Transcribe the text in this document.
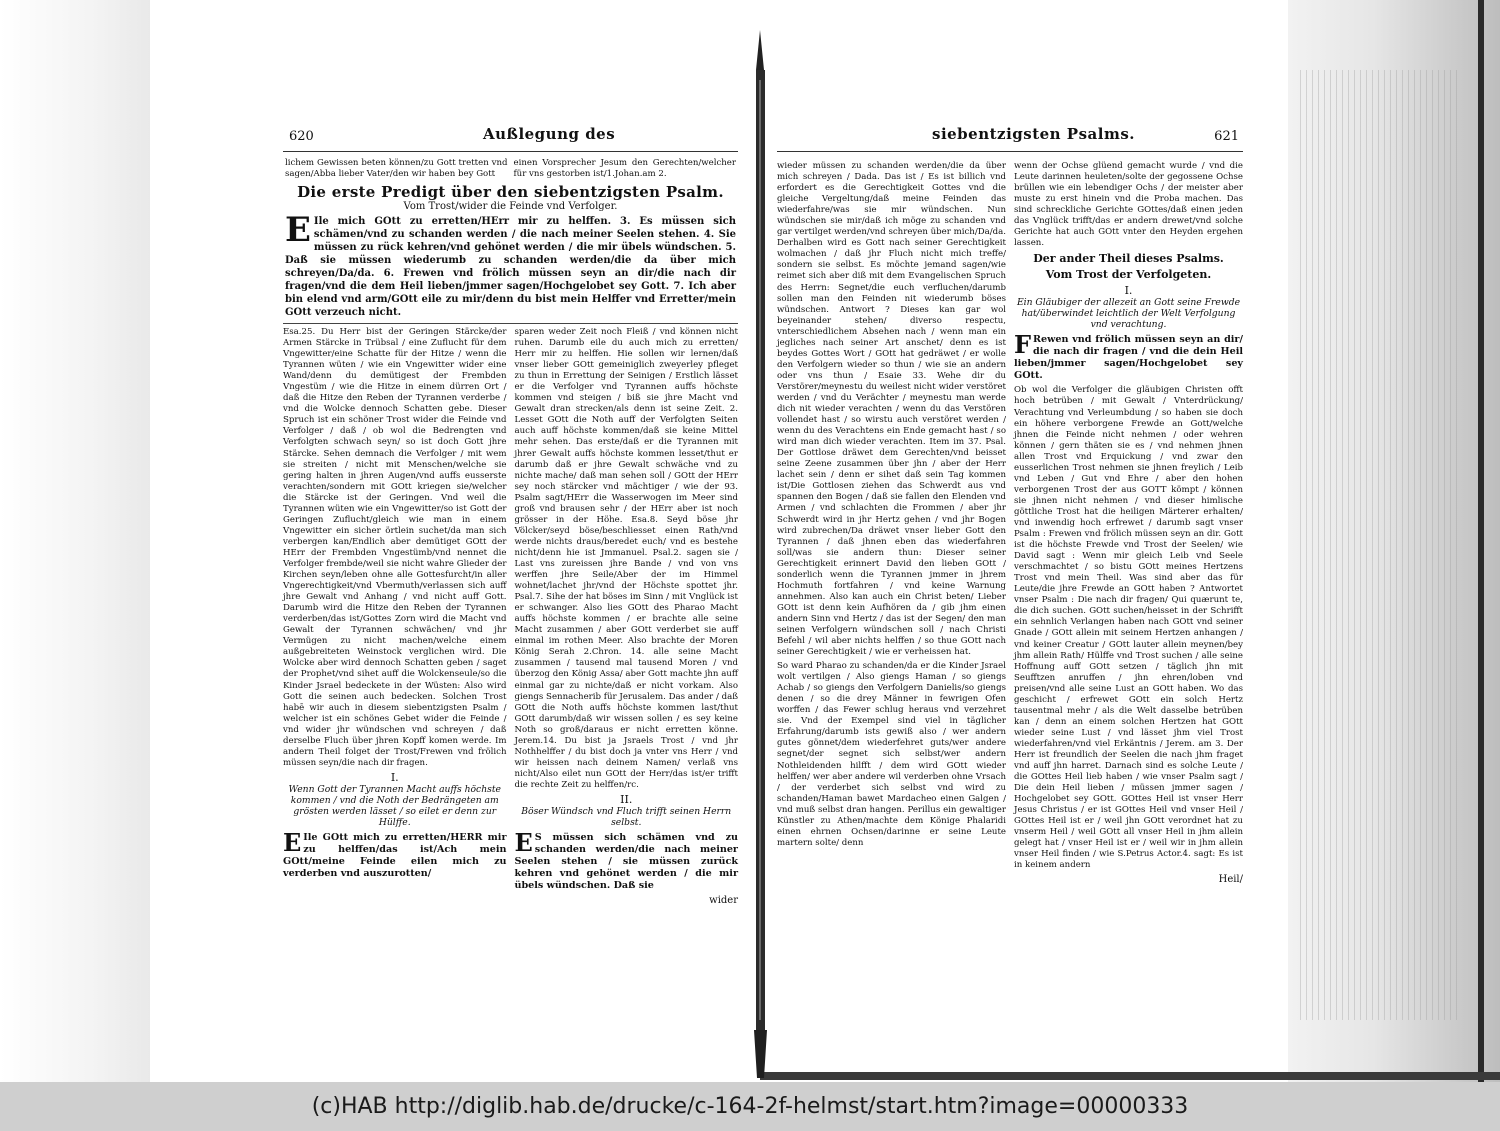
620	Außlegung des
lichem Gewissen beten können/zu Gott tretten vnd sagen/Abba lieber Vater/den wir haben bey Gott
einen Vorsprecher Jesum den Gerechten/welcher für vns gestorben ist/1.Johan.am 2.
Die erste Predigt über den siebentzigsten Psalm.
Vom Trost/wider die Feinde vnd Verfolger.
E Ile mich GOtt zu erretten/HErr mir zu helffen. 3. Es müssen sich schämen/vnd zu schanden werden / die nach meiner Seelen stehen. 4. Sie müssen zu rück kehren/vnd gehönet werden / die mir übels wündschen. 5. Daß sie müssen wiederumb zu schanden werden/die da über mich schreyen/Da/da. 6. Frewen vnd frölich müssen seyn an dir/die nach dir fragen/vnd die dem Heil lieben/jmmer sagen/Hochgelobet sey Gott. 7. Ich aber bin elend vnd arm/GOtt eile zu mir/denn du bist mein Helffer vnd Erretter/mein GOtt verzeuch nicht.

Esa.25. Du Herr bist der Geringen Stärcke/der Armen Stärcke in Trübsal / eine Zuflucht für dem Vngewitter/eine Schatte für der Hitze / wenn die Tyrannen wüten / wie ein Vngewitter wider eine Wand/denn du demütigest der Frembden Vngestüm / wie die Hitze in einem dürren Ort / daß die Hitze den Reben der Tyrannen verderbe / vnd die Wolcke dennoch Schatten gebe. Dieser Spruch ist ein schöner Trost wider die Feinde vnd Verfolger / daß / ob wol die Bedrengten vnd Verfolgten schwach seyn/ so ist doch Gott jhre Stärcke. Sehen demnach die Verfolger / mit wem sie streiten / nicht mit Menschen/welche sie gering halten in jhren Augen/vnd auffs eusserste verachten/sondern mit GOtt kriegen sie/welcher die Stärcke ist der Geringen. Vnd weil die Tyrannen wüten wie ein Vngewitter/so ist Gott der Geringen Zuflucht/gleich wie man in einem Vngewitter ein sicher örtlein suchet/da man sich verbergen kan/Endlich aber demütiget GOtt der HErr der Frembden Vngestümb/vnd nennet die Verfolger frembde/weil sie nicht wahre Glieder der Kirchen seyn/leben ohne alle Gottesfurcht/in aller Vngerechtigkeit/vnd Vbermuth/verlassen sich auff jhre Gewalt vnd Anhang / vnd nicht auff Gott. Darumb wird die Hitze den Reben der Tyrannen verderben/das ist/Gottes Zorn wird die Macht vnd Gewalt der Tyrannen schwächen/ vnd jhr Vermügen zu nicht machen/welche einem außgebreiteten Weinstock verglichen wird. Die Wolcke aber wird dennoch Schatten geben / saget der Prophet/vnd sihet auff die Wolckenseule/so die Kinder Jsrael bedeckete in der Wüsten: Also wird Gott die seinen auch bedecken. Solchen Trost habē wir auch in diesem siebentzigsten Psalm / welcher ist ein schönes Gebet wider die Feinde / vnd wider jhr wündschen vnd schreyen / daß derselbe Fluch über jhren Kopff komen werde. Im andern Theil folget der Trost/Frewen vnd frölich müssen seyn/die nach dir fragen.

I.
Wenn Gott der Tyrannen Macht auffs höchste kommen / vnd die Noth der Bedrängeten am grösten werden lässet / so eilet er denn zur Hülffe.

E Ile GOtt mich zu erretten/HERR mir zu helffen/das ist/Ach mein GOtt/meine Feinde eilen mich zu verderben vnd auszurotten/

sparen weder Zeit noch Fleiß / vnd können nicht ruhen. Darumb eile du auch mich zu erretten/ Herr mir zu helffen. Hie sollen wir lernen/daß vnser lieber GOtt gemeiniglich zweyerley pfleget zu thun in Errettung der Seinigen / Erstlich lässet er die Verfolger vnd Tyrannen auffs höchste kommen vnd steigen / biß sie jhre Macht vnd Gewalt dran strecken/als denn ist seine Zeit. 2. Lesset GOtt die Noth auff der Verfolgten Seiten auch auff höchste kommen/daß sie keine Mittel mehr sehen. Das erste/daß er die Tyrannen mit jhrer Gewalt auffs höchste kommen lesset/thut er darumb daß er jhre Gewalt schwäche vnd zu nichte mache/ daß man sehen soll / GOtt der HErr sey noch stärcker vnd mächtiger / wie der 93. Psalm sagt/HErr die Wasserwogen im Meer sind groß vnd brausen sehr / der HErr aber ist noch grösser in der Höhe. Esa.8. Seyd böse jhr Völcker/seyd böse/beschliesset einen Rath/vnd werde nichts draus/beredet euch/ vnd es bestehe nicht/denn hie ist Jmmanuel. Psal.2. sagen sie / Last vns zureissen jhre Bande / vnd von vns werffen jhre Seile/Aber der im Himmel wohnet/lachet jhr/vnd der Höchste spottet jhr. Psal.7. Sihe der hat böses im Sinn / mit Vnglück ist er schwanger. Also lies GOtt des Pharao Macht auffs höchste kommen / er brachte alle seine Macht zusammen / aber GOtt verderbet sie auff einmal im rothen Meer. Also brachte der Moren König Serah 2.Chron. 14. alle seine Macht zusammen / tausend mal tausend Moren / vnd überzog den König Assa/ aber Gott machte jhn auff einmal gar zu nichte/daß er nicht vorkam. Also giengs Sennacherib für Jerusalem. Das ander / daß GOtt die Noth auffs höchste kommen last/thut GOtt darumb/daß wir wissen sollen / es sey keine Noth so groß/daraus er nicht erretten könne. Jerem.14. Du bist ja Jsraels Trost / vnd jhr Nothhelffer / du bist doch ja vnter vns Herr / vnd wir heissen nach deinem Namen/ verlaß vns nicht/Also eilet nun GOtt der Herr/das ist/er trifft die rechte Zeit zu helffen/rc.

II.
Böser Wündsch vnd Fluch trifft seinen Herrn selbst.

E S müssen sich schämen vnd zu schanden werden/die nach meiner Seelen stehen / sie müssen zurück kehren vnd gehönet werden / die mir übels wündschen. Daß sie

wider
siebentzigsten Psalms.	621

wieder müssen zu schanden werden/die da über mich schreyen / Dada. Das ist / Es ist billich vnd erfordert es die Gerechtigkeit Gottes vnd die gleiche Vergeltung/daß meine Feinden das wiederfahre/was sie mir wündschen. Nun wündschen sie mir/daß ich möge zu schanden vnd gar vertilget werden/vnd schreyen über mich/Da/da. Derhalben wird es Gott nach seiner Gerechtigkeit wolmachen / daß jhr Fluch nicht mich treffe/ sondern sie selbst. Es möchte jemand sagen/wie reimet sich aber diß mit dem Evangelischen Spruch des Herrn: Segnet/die euch verfluchen/darumb sollen man den Feinden nit wiederumb böses wündschen. Antwort ? Dieses kan gar wol beyeinander stehen/ diverso respectu, vnterschiedlichem Absehen nach / wenn man ein jegliches nach seiner Art anschet/ denn es ist beydes Gottes Wort / GOtt hat gedräwet / er wolle den Verfolgern wieder so thun / wie sie an andern oder vns thun / Esaie 33. Wehe dir du Verstörer/meynestu du weilest nicht wider verstöret werden / vnd du Verächter / meynestu man werde dich nit wieder verachten / wenn du das Verstören vollendet hast / so wirstu auch verstöret werden / wenn du des Verachtens ein Ende gemacht hast / so wird man dich wieder verachten. Item im 37. Psal. Der Gottlose dräwet dem Gerechten/vnd beisset seine Zeene zusammen über jhn / aber der Herr lachet sein / denn er sihet daß sein Tag kommen ist/Die Gottlosen ziehen das Schwerdt aus vnd spannen den Bogen / daß sie fallen den Elenden vnd Armen / vnd schlachten die Frommen / aber jhr Schwerdt wird in jhr Hertz gehen / vnd jhr Bogen wird zubrechen/Da dräwet vnser lieber Gott den Tyrannen / daß jhnen eben das wiederfahren soll/was sie andern thun: Dieser seiner Gerechtigkeit erinnert David den lieben GOtt / sonderlich wenn die Tyrannen jmmer in jhrem Hochmuth fortfahren / vnd keine Warnung annehmen. Also kan auch ein Christ beten/ Lieber GOtt ist denn kein Aufhören da / gib jhm einen andern Sinn vnd Hertz / das ist der Segen/ den man seinen Verfolgern wündschen soll / nach Christi Befehl / wil aber nichts helffen / so thue GOtt nach seiner Gerechtigkeit / wie er verheissen hat.

So ward Pharao zu schanden/da er die Kinder Jsrael wolt vertilgen / Also giengs Haman / so giengs Achab / so giengs den Verfolgern Danielis/so giengs denen / so die drey Männer in fewrigen Ofen worffen / das Fewer schlug heraus vnd verzehret sie. Vnd der Exempel sind viel in täglicher Erfahrung/darumb ists gewiß also / wer andern gutes gönnet/dem wiederfehret guts/wer andere segnet/der segnet sich selbst/wer andern Nothleidenden hilfft / dem wird GOtt wieder helffen/ wer aber andere wil verderben ohne Vrsach / der verderbet sich selbst vnd wird zu schanden/Haman bawet Mardacheo einen Galgen / vnd muß selbst dran hangen. Perillus ein gewaltiger Künstler zu Athen/machte dem Könige Phalaridi einen ehrnen Ochsen/darinne er seine Leute martern solte/ denn

wenn der Ochse glüend gemacht wurde / vnd die Leute darinnen heuleten/solte der gegossene Ochse brüllen wie ein lebendiger Ochs / der meister aber muste zu erst hinein vnd die Proba machen. Das sind schreckliche Gerichte GOttes/daß einen jeden das Vnglück trifft/das er andern drewet/vnd solche Gerichte hat auch GOtt vnter den Heyden ergehen lassen.

Der ander Theil dieses Psalms.
Vom Trost der Verfolgeten.
I.
Ein Gläubiger der allezeit an Gott seine Frewde hat/überwindet leichtlich der Welt Verfolgung vnd verachtung.

F Rewen vnd frölich müssen seyn an dir/ die nach dir fragen / vnd die dein Heil lieben/jmmer sagen/Hochgelobet sey GOtt.

Ob wol die Verfolger die gläubigen Christen offt hoch betrüben / mit Gewalt / Vnterdrückung/ Verachtung vnd Verleumbdung / so haben sie doch ein höhere verborgene Frewde an Gott/welche jhnen die Feinde nicht nehmen / oder wehren können / gern thäten sie es / vnd nehmen jhnen allen Trost vnd Erquickung / vnd zwar den eusserlichen Trost nehmen sie jhnen freylich / Leib vnd Leben / Gut vnd Ehre / aber den hohen verborgenen Trost der aus GOTT kömpt / können sie jhnen nicht nehmen / vnd dieser himlische göttliche Trost hat die heiligen Märterer erhalten/ vnd inwendig hoch erfrewet / darumb sagt vnser Psalm : Frewen vnd frölich müssen seyn an dir. Gott ist die höchste Frewde vnd Trost der Seelen/ wie David sagt : Wenn mir gleich Leib vnd Seele verschmachtet / so bistu GOtt meines Hertzens Trost vnd mein Theil. Was sind aber das für Leute/die jhre Frewde an GOtt haben ? Antwortet vnser Psalm : Die nach dir fragen/ Qui quærunt te, die dich suchen. GOtt suchen/heisset in der Schrifft ein sehnlich Verlangen haben nach GOtt vnd seiner Gnade / GOtt allein mit seinem Hertzen anhangen / vnd keiner Creatur / GOtt lauter allein meynen/bey jhm allein Rath/ Hülffe vnd Trost suchen / alle seine Hoffnung auff GOtt setzen / täglich jhn mit Seufftzen anruffen / jhn ehren/loben vnd preisen/vnd alle seine Lust an GOtt haben. Wo das geschicht / erfrewet GOtt ein solch Hertz tausentmal mehr / als die Welt dasselbe betrüben kan / denn an einem solchen Hertzen hat GOtt wieder seine Lust / vnd lässet jhm viel Trost wiederfahren/vnd viel Erkäntnis / Jerem. am 3. Der Herr ist freundlich der Seelen die nach jhm fraget vnd auff jhn harret. Darnach sind es solche Leute / die GOttes Heil lieb haben / wie vnser Psalm sagt / Die dein Heil lieben / müssen jmmer sagen / Hochgelobet sey GOtt. GOttes Heil ist vnser Herr Jesus Christus / er ist GOttes Heil vnd vnser Heil / GOttes Heil ist er / weil jhn GOtt verordnet hat zu vnserm Heil / weil GOtt all vnser Heil in jhm allein gelegt hat / vnser Heil ist er / weil wir in jhm allein vnser Heil finden / wie S.Petrus Actor.4. sagt: Es ist in keinem andern

Heil/
(c)HAB http://diglib.hab.de/drucke/c-164-2f-helmst/start.htm?image=00000333
